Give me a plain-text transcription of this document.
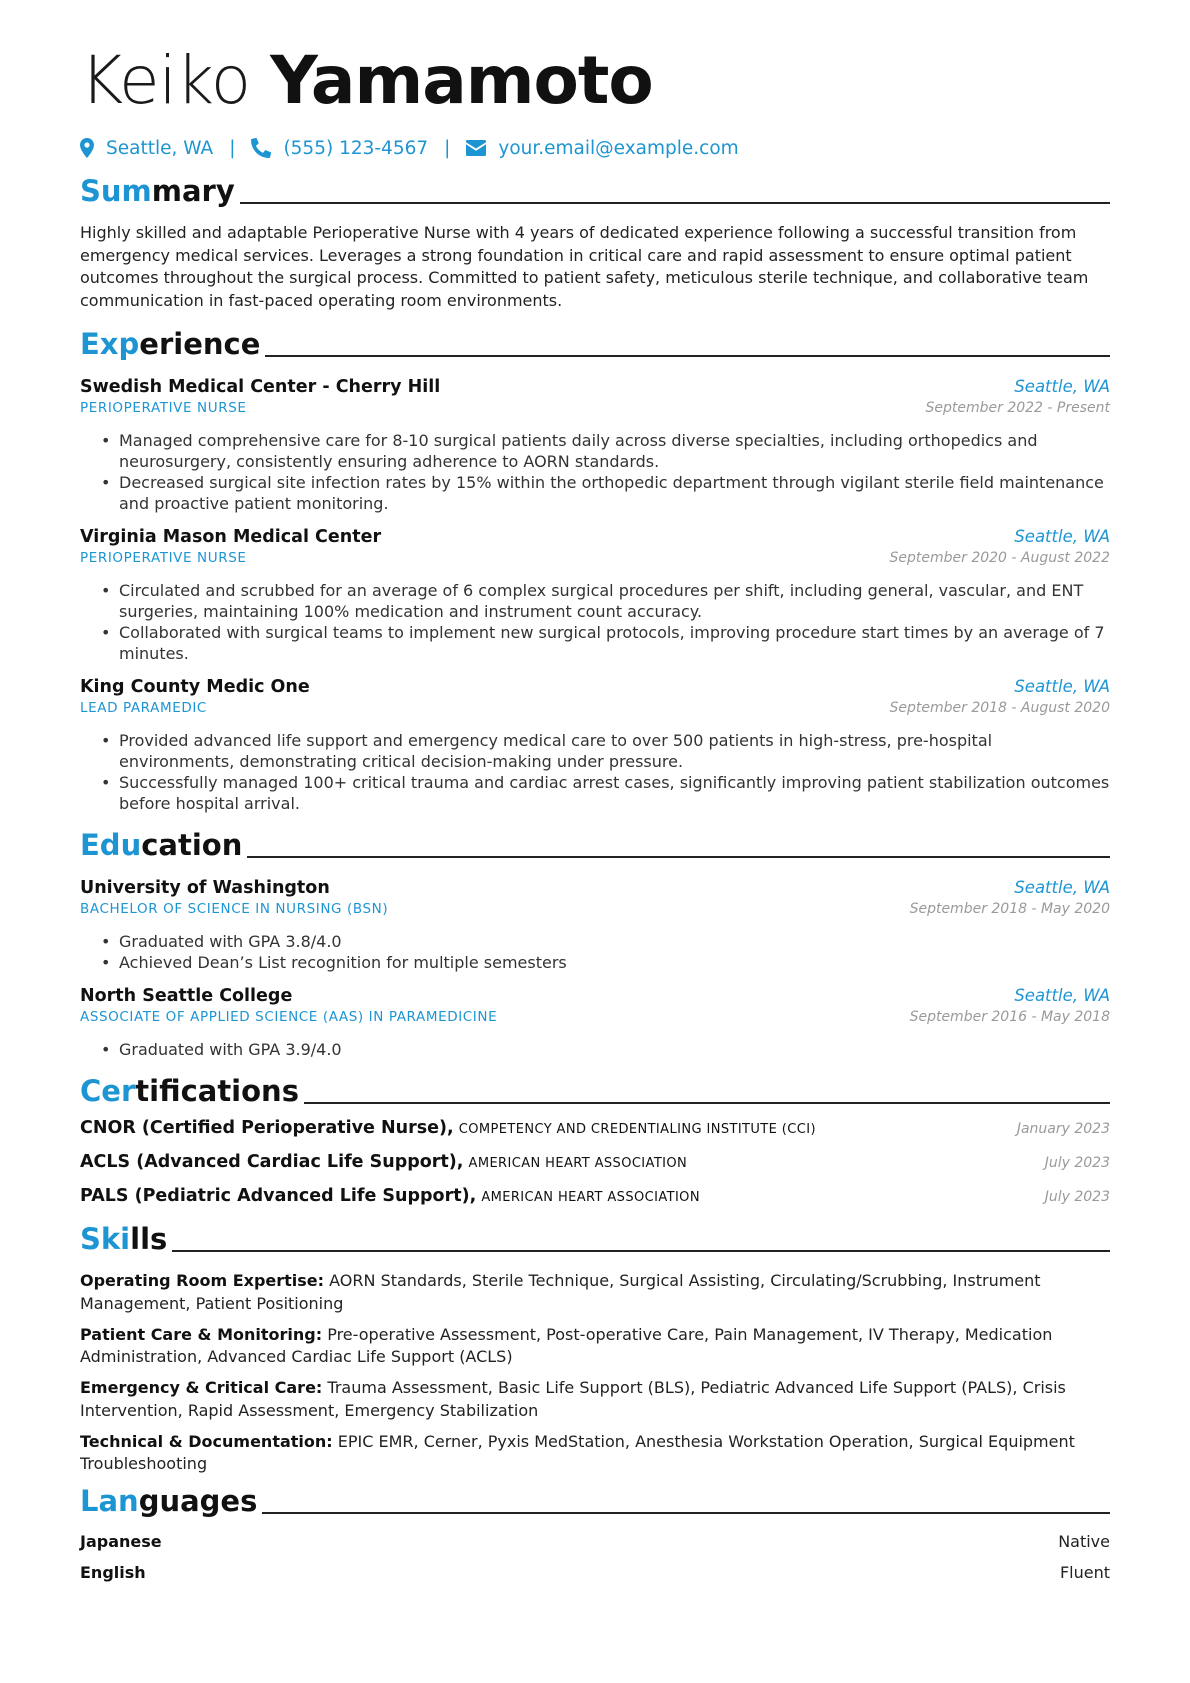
Keiko Yamamoto
Seattle, WA |	(555) 123-4567 |	your.email@example.com
Summary
Highly skilled and adaptable Perioperative Nurse with 4 years of dedicated experience following a successful transition from emergency medical services. Leverages a strong foundation in critical care and rapid assessment to ensure optimal patient outcomes throughout the surgical process. Committed to patient safety, meticulous sterile technique, and collaborative team communication in fast-paced operating room environments.
Experience
Swedish Medical Center - Cherry Hill	Seattle, WA
PERIOPERATIVE NURSE	September 2022 - Present
• Managed comprehensive care for 8-10 surgical patients daily across diverse specialties, including orthopedics and neurosurgery, consistently ensuring adherence to AORN standards.
• Decreased surgical site infection rates by 15% within the orthopedic department through vigilant sterile field maintenance and proactive patient monitoring.
Virginia Mason Medical Center	Seattle, WA
PERIOPERATIVE NURSE	September 2020 - August 2022
• Circulated and scrubbed for an average of 6 complex surgical procedures per shift, including general, vascular, and ENT surgeries, maintaining 100% medication and instrument count accuracy.
• Collaborated with surgical teams to implement new surgical protocols, improving procedure start times by an average of 7 minutes.
King County Medic One	Seattle, WA
LEAD PARAMEDIC	September 2018 - August 2020
• Provided advanced life support and emergency medical care to over 500 patients in high-stress, pre-hospital environments, demonstrating critical decision-making under pressure.
• Successfully managed 100+ critical trauma and cardiac arrest cases, significantly improving patient stabilization outcomes before hospital arrival.
Education
University of Washington	Seattle, WA
BACHELOR OF SCIENCE IN NURSING (BSN)	September 2018 - May 2020
• Graduated with GPA 3.8/4.0
• Achieved Dean’s List recognition for multiple semesters
North Seattle College	Seattle, WA
ASSOCIATE OF APPLIED SCIENCE (AAS) IN PARAMEDICINE	September 2016 - May 2018
• Graduated with GPA 3.9/4.0
Certifications
CNOR (Certified Perioperative Nurse), COMPETENCY AND CREDENTIALING INSTITUTE (CCI)	January 2023
ACLS (Advanced Cardiac Life Support), AMERICAN HEART ASSOCIATION	July 2023
PALS (Pediatric Advanced Life Support), AMERICAN HEART ASSOCIATION	July 2023
Skills
Operating Room Expertise: AORN Standards, Sterile Technique, Surgical Assisting, Circulating/Scrubbing, Instrument Management, Patient Positioning
Patient Care & Monitoring: Pre-operative Assessment, Post-operative Care, Pain Management, IV Therapy, Medication Administration, Advanced Cardiac Life Support (ACLS)
Emergency & Critical Care: Trauma Assessment, Basic Life Support (BLS), Pediatric Advanced Life Support (PALS), Crisis Intervention, Rapid Assessment, Emergency Stabilization
Technical & Documentation: EPIC EMR, Cerner, Pyxis MedStation, Anesthesia Workstation Operation, Surgical Equipment Troubleshooting
Languages
Japanese	Native
English	Fluent
